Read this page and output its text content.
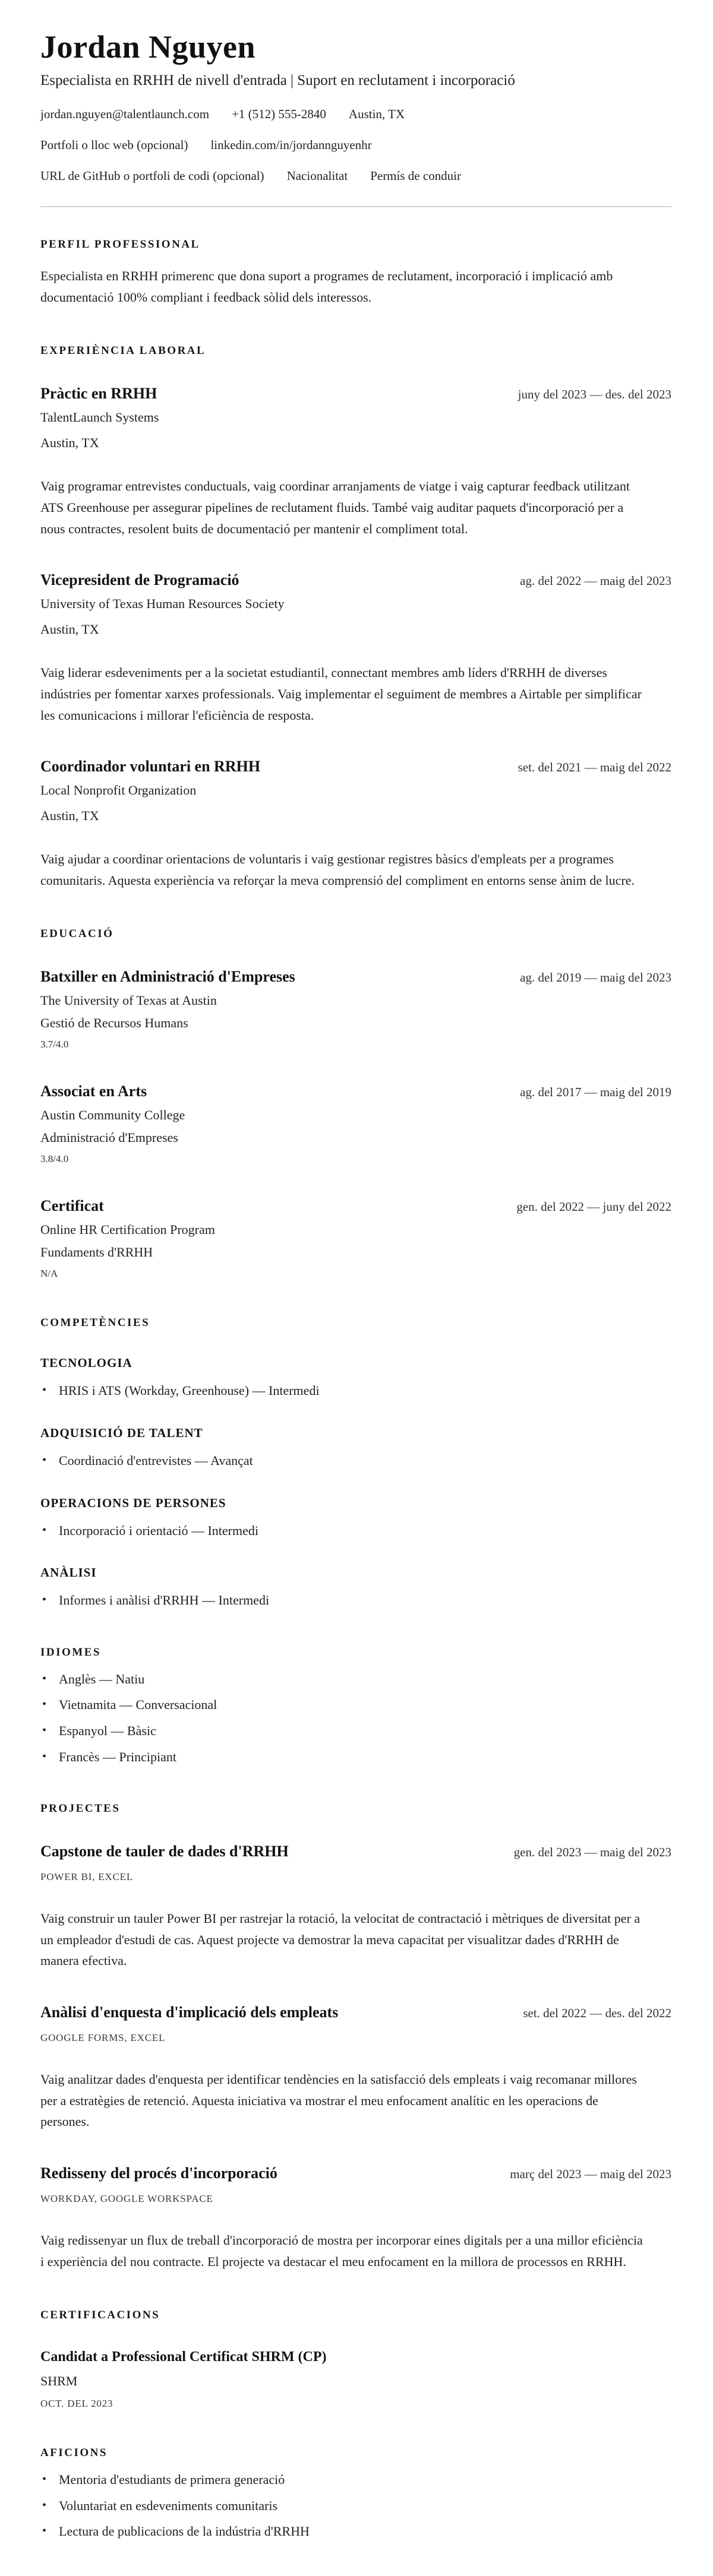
Jordan Nguyen
Especialista en RRHH de nivell d'entrada | Suport en reclutament i incorporació
jordan.nguyen@talentlaunch.com +1 (512) 555-2840 Austin, TX
Portfoli o lloc web (opcional) linkedin.com/in/jordannguyenhr
URL de GitHub o portfoli de codi (opcional) Nacionalitat Permís de conduir
PERFIL PROFESSIONAL

Especialista en RRHH primerenc que dona suport a programes de reclutament, incorporació i implicació amb documentació 100% compliant i feedback sòlid dels interessos.

EXPERIÈNCIA LABORAL
Pràctic en RRHH	juny del 2023 — des. del 2023
TalentLaunch Systems
Austin, TX

Vaig programar entrevistes conductuals, vaig coordinar arranjaments de viatge i vaig capturar feedback utilitzant ATS Greenhouse per assegurar pipelines de reclutament fluids. També vaig auditar paquets d'incorporació per a nous contractes, resolent buits de documentació per mantenir el compliment total.

Vicepresident de Programació	ag. del 2022 — maig del 2023
University of Texas Human Resources Society
Austin, TX

Vaig liderar esdeveniments per a la societat estudiantil, connectant membres amb líders d'RRHH de diverses indústries per fomentar xarxes professionals. Vaig implementar el seguiment de membres a Airtable per simplificar les comunicacions i millorar l'eficiència de resposta.

Coordinador voluntari en RRHH	set. del 2021 — maig del 2022
Local Nonprofit Organization
Austin, TX

Vaig ajudar a coordinar orientacions de voluntaris i vaig gestionar registres bàsics d'empleats per a programes comunitaris. Aquesta experiència va reforçar la meva comprensió del compliment en entorns sense ànim de lucre.

EDUCACIÓ
Batxiller en Administració d'Empreses	ag. del 2019 — maig del 2023
The University of Texas at Austin
Gestió de Recursos Humans
3.7/4.0
Associat en Arts	ag. del 2017 — maig del 2019
Austin Community College
Administració d'Empreses
3.8/4.0
Certificat	gen. del 2022 — juny del 2022
Online HR Certification Program
Fundaments d'RRHH
N/A
COMPETÈNCIES
TECNOLOGIA
• HRIS i ATS (Workday, Greenhouse) — Intermedi
ADQUISICIÓ DE TALENT
• Coordinació d'entrevistes — Avançat
OPERACIONS DE PERSONES
• Incorporació i orientació — Intermedi
ANÀLISI
• Informes i anàlisi d'RRHH — Intermedi
IDIOMES
• Anglès — Natiu
• Vietnamita — Conversacional
• Espanyol — Bàsic
• Francès — Principiant
PROJECTES
Capstone de tauler de dades d'RRHH	gen. del 2023 — maig del 2023
POWER BI, EXCEL

Vaig construir un tauler Power BI per rastrejar la rotació, la velocitat de contractació i mètriques de diversitat per a un empleador d'estudi de cas. Aquest projecte va demostrar la meva capacitat per visualitzar dades d'RRHH de manera efectiva.

Anàlisi d'enquesta d'implicació dels empleats	set. del 2022 — des. del 2022
GOOGLE FORMS, EXCEL

Vaig analitzar dades d'enquesta per identificar tendències en la satisfacció dels empleats i vaig recomanar millores per a estratègies de retenció. Aquesta iniciativa va mostrar el meu enfocament analític en les operacions de persones.

Redisseny del procés d'incorporació	març del 2023 — maig del 2023
WORKDAY, GOOGLE WORKSPACE

Vaig redissenyar un flux de treball d'incorporació de mostra per incorporar eines digitals per a una millor eficiència i experiència del nou contracte. El projecte va destacar el meu enfocament en la millora de processos en RRHH.

CERTIFICACIONS
Candidat a Professional Certificat SHRM (CP)
SHRM
OCT. DEL 2023
AFICIONS
• Mentoria d'estudiants de primera generació
• Voluntariat en esdeveniments comunitaris
• Lectura de publicacions de la indústria d'RRHH
